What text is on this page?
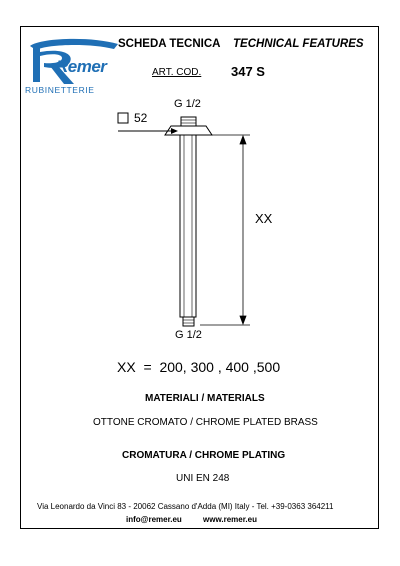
Remer
RUBINETTERIE
SCHEDA TECNICA TECHNICAL FEATURES
ART. COD. 347 S
G 1/2
52
XX
G 1/2
XX = 200, 300 , 400 ,500
MATERIALI / MATERIALS
OTTONE CROMATO / CHROME PLATED BRASS
CROMATURA / CHROME PLATING
UNI EN 248
Via Leonardo da Vinci 83 - 20062 Cassano d'Adda (MI) Italy - Tel. +39-0363 364211
info@remer.eu	www.remer.eu
